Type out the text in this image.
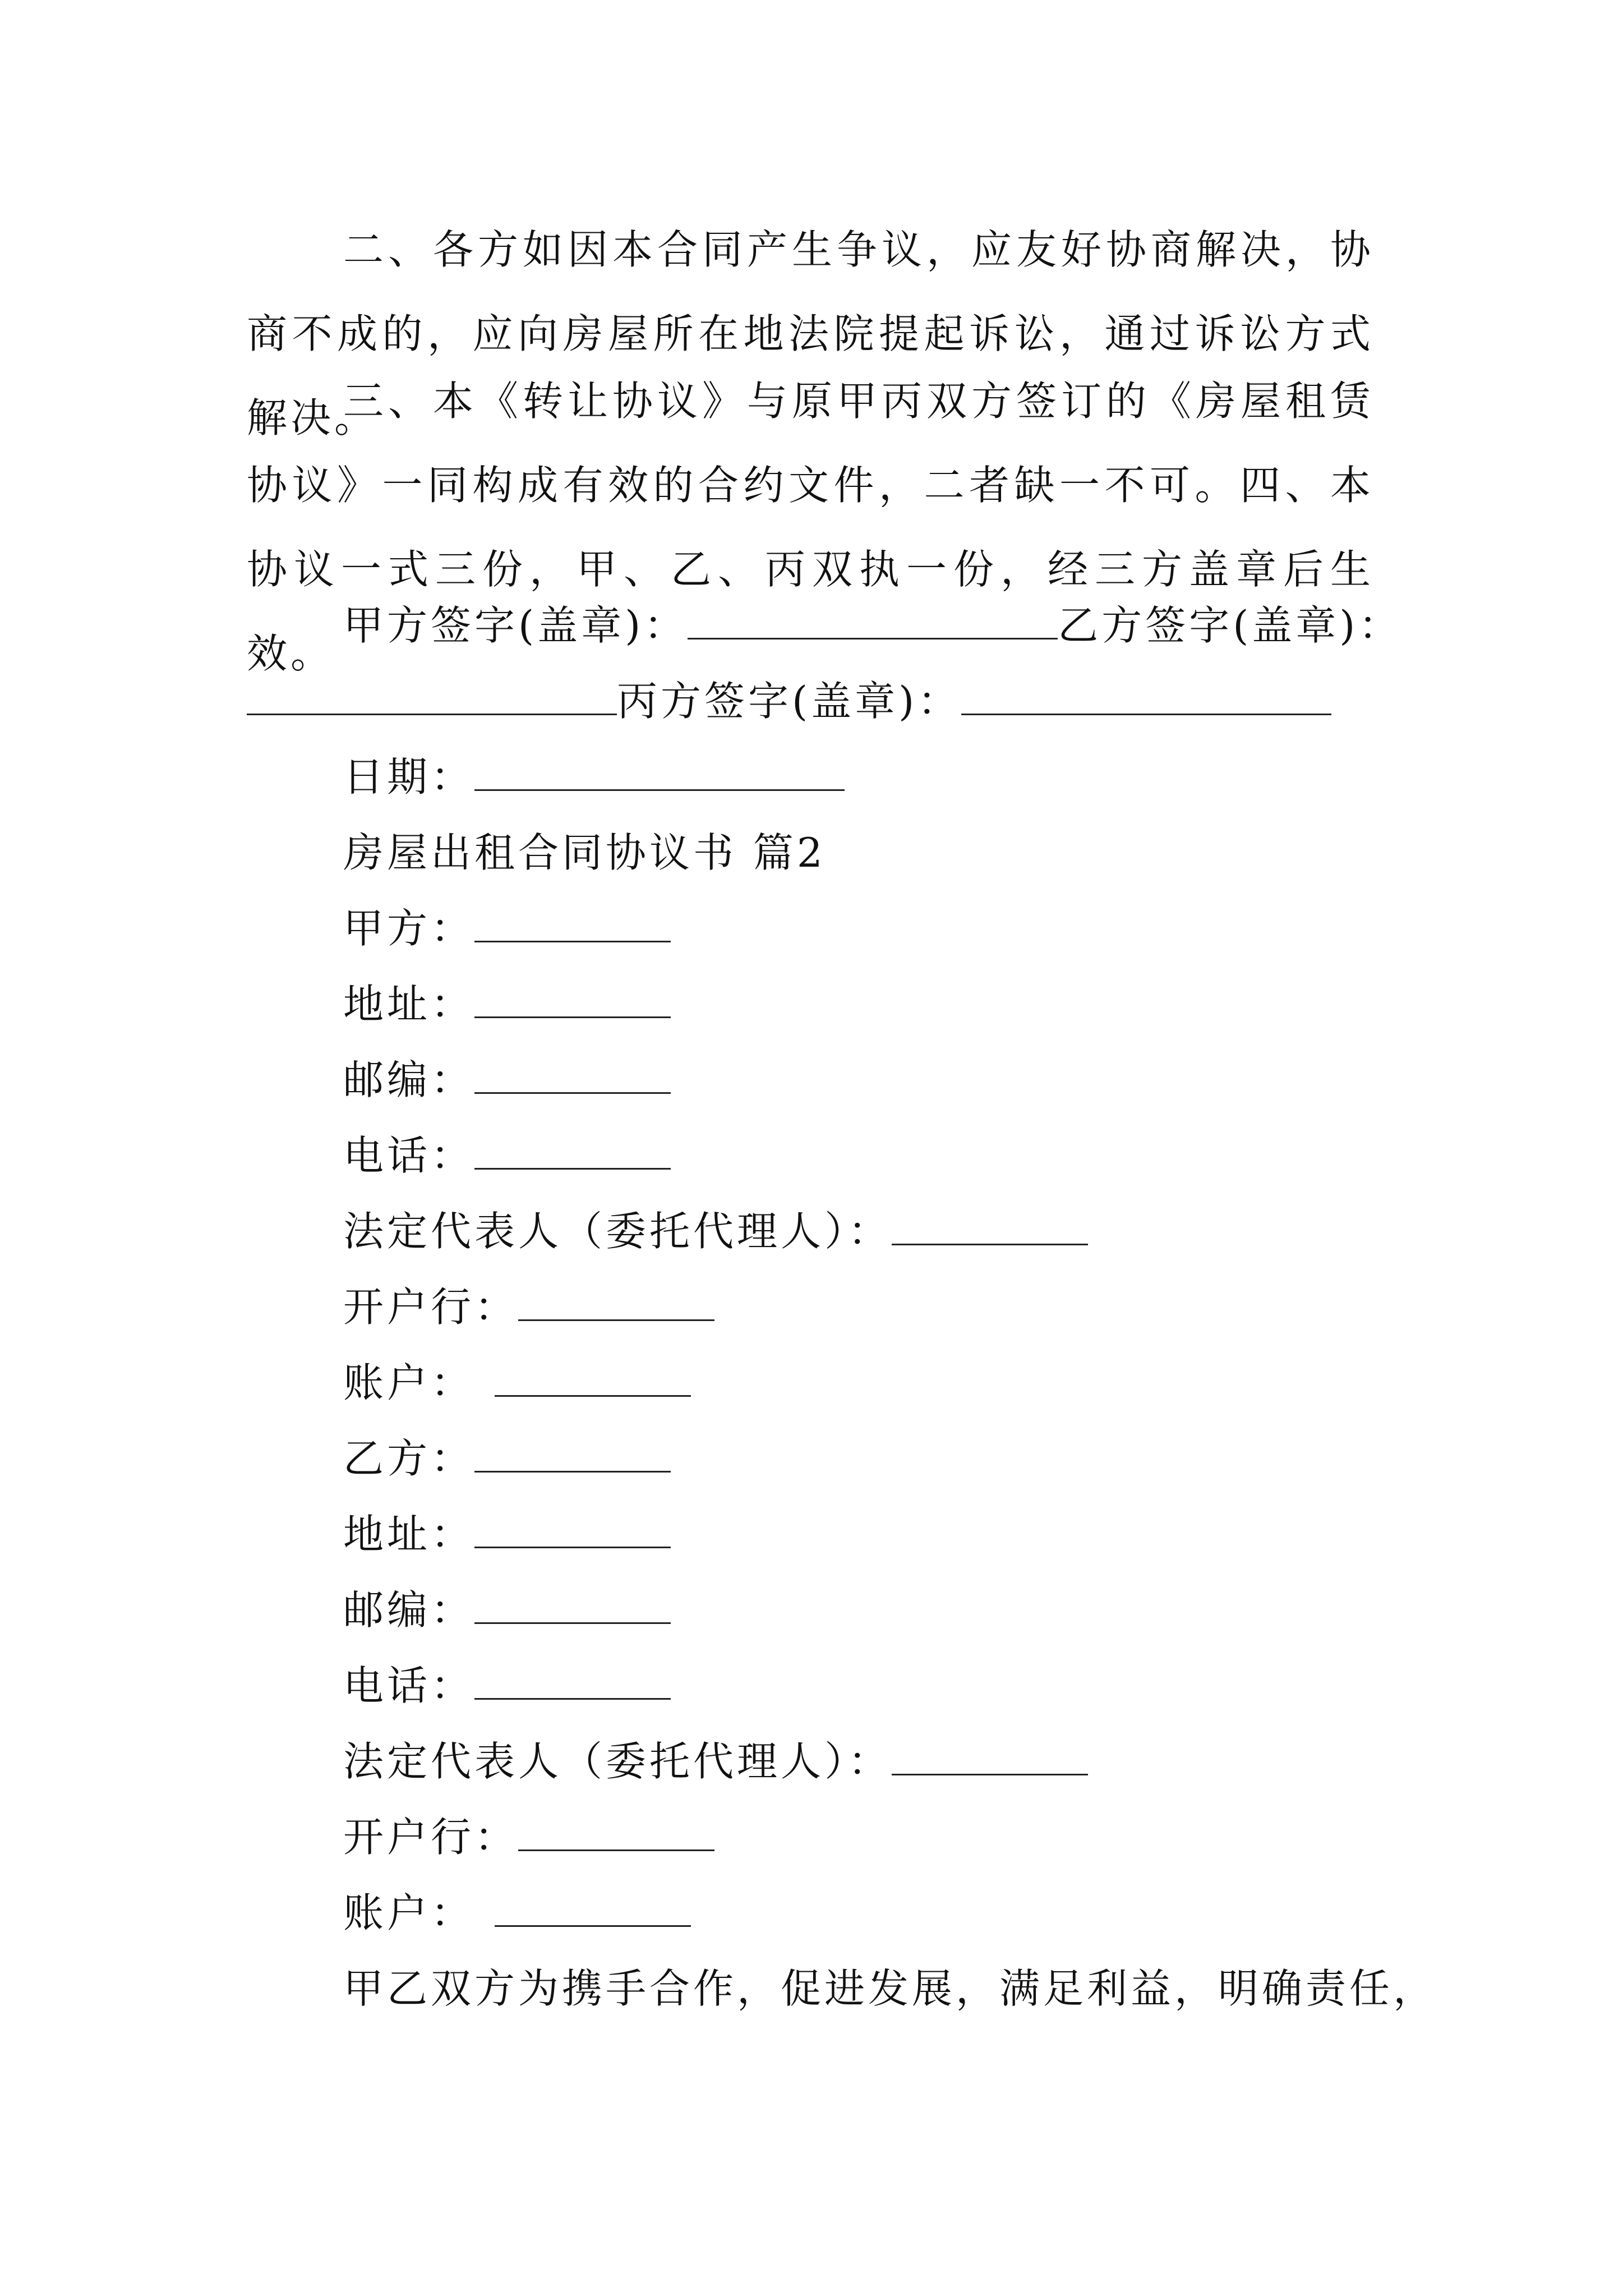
二、各方如因本合同产生争议，应友好协商解决，协商不成的，应向房屋所在地法院提起诉讼，通过诉讼方式解决。

三、本《转让协议》与原甲丙双方签订的《房屋租赁协议》一同构成有效的合约文件，二者缺一不可。四、本协议一式三份，甲、乙、丙双执一份，经三方盖章后生效。

甲方签字(盖章)：	乙方签字(盖章)：
丙方签字(盖章)：
日期：
房屋出租合同协议书 篇2
甲方：
地址：
邮编：
电话：
法定代表人（委托代理人）：
开户行：
账户：
乙方：
地址：
邮编：
电话：
法定代表人（委托代理人）：
开户行：
账户：
甲乙双方为携手合作，促进发展，满足利益，明确责任，
